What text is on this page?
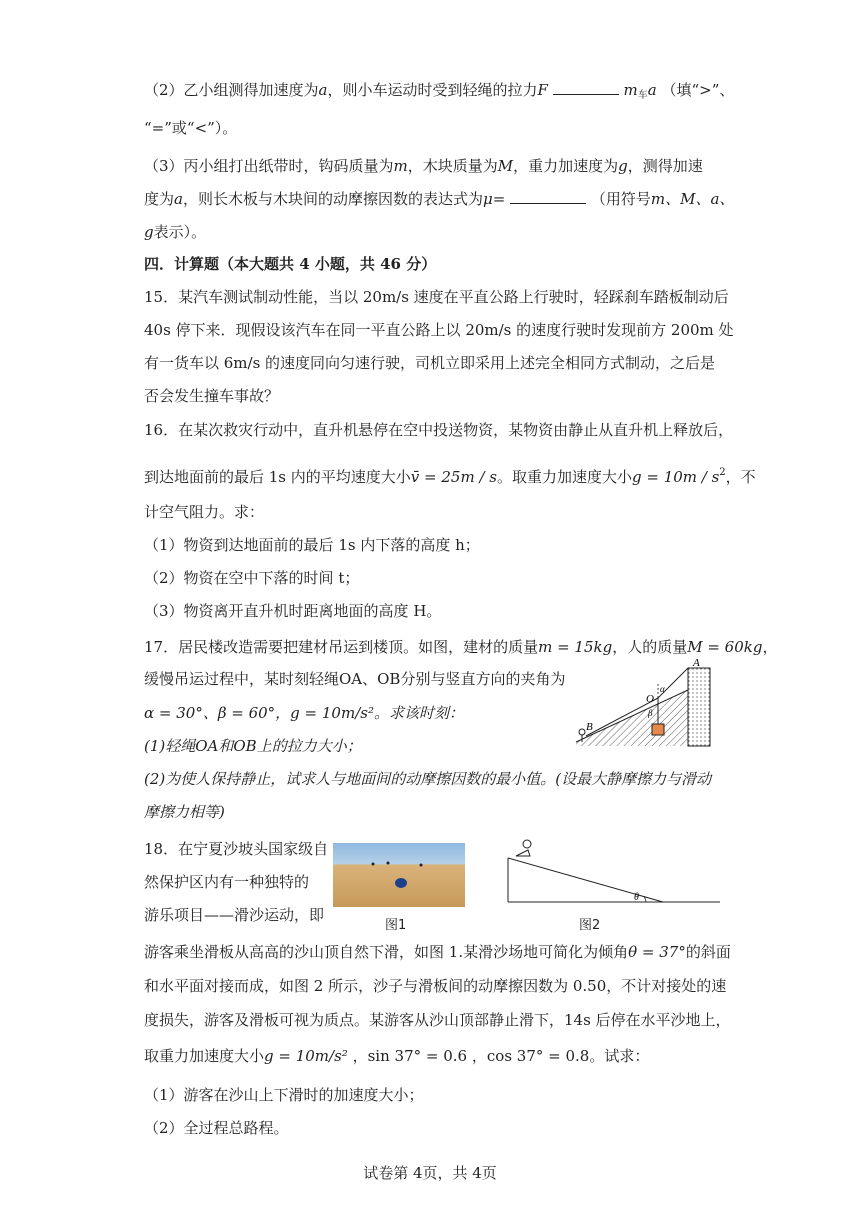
（2）乙小组测得加速度为a，则小车运动时受到轻绳的拉力F	$m_车a$ （填“>”、
“=”或“<”）。
（3）丙小组打出纸带时，钩码质量为m，木块质量为M，重力加速度为g，测得加速
度为a，则长木板与木块间的动摩擦因数的表达式为μ=	（用符号m、M、a、
g表示）。
四．计算题（本大题共 4 小题，共 46 分）
15．某汽车测试制动性能，当以 20m/s 速度在平直公路上行驶时，轻踩刹车踏板制动后
40s 停下来．现假设该汽车在同一平直公路上以 20m/s 的速度行驶时发现前方 200m 处
有一货车以 6m/s 的速度同向匀速行驶，司机立即采用上述完全相同方式制动，之后是
否会发生撞车事故？
16．在某次救灾行动中，直升机悬停在空中投送物资，某物资由静止从直升机上释放后，
到达地面前的最后 1s 内的平均速度大小v̄ = 25m / s。取重力加速度大小$g = 10m / s^2$，不
计空气阻力。求：
（1）物资到达地面前的最后 1s 内下落的高度 h；
（2）物资在空中下落的时间 t；
（3）物资离开直升机时距离地面的高度 H。
17．居民楼改造需要把建材吊运到楼顶。如图，建材的质量m = 15kg，人的质量M = 60kg，
缓慢吊运过程中，某时刻轻绳OA、OB分别与竖直方向的夹角为
α = 30°、β = 60°，g = 10m/s²。求该时刻：
(1)轻绳OA和OB上的拉力大小；
(2)为使人保持静止，试求人与地面间的动摩擦因数的最小值。(设最大静摩擦力与滑动
摩擦力相等)
A
B
O
α
β
18．在宁夏沙坡头国家级自
然保护区内有一种独特的
游乐项目——滑沙运动，即
游客乘坐滑板从高高的沙山顶自然下滑，如图 1.某滑沙场地可简化为倾角θ = 37°的斜面
和水平面对接而成，如图 2 所示，沙子与滑板间的动摩擦因数为 0.50，不计对接处的速
度损失，游客及滑板可视为质点。某游客从沙山顶部静止滑下，14s 后停在水平沙地上，
取重力加速度大小g = 10m/s² ，sin 37° = 0.6 ，cos 37° = 0.8。试求：
（1）游客在沙山上下滑时的加速度大小；
（2）全过程总路程。
图1
θ
图2
试卷第 4页，共 4页
